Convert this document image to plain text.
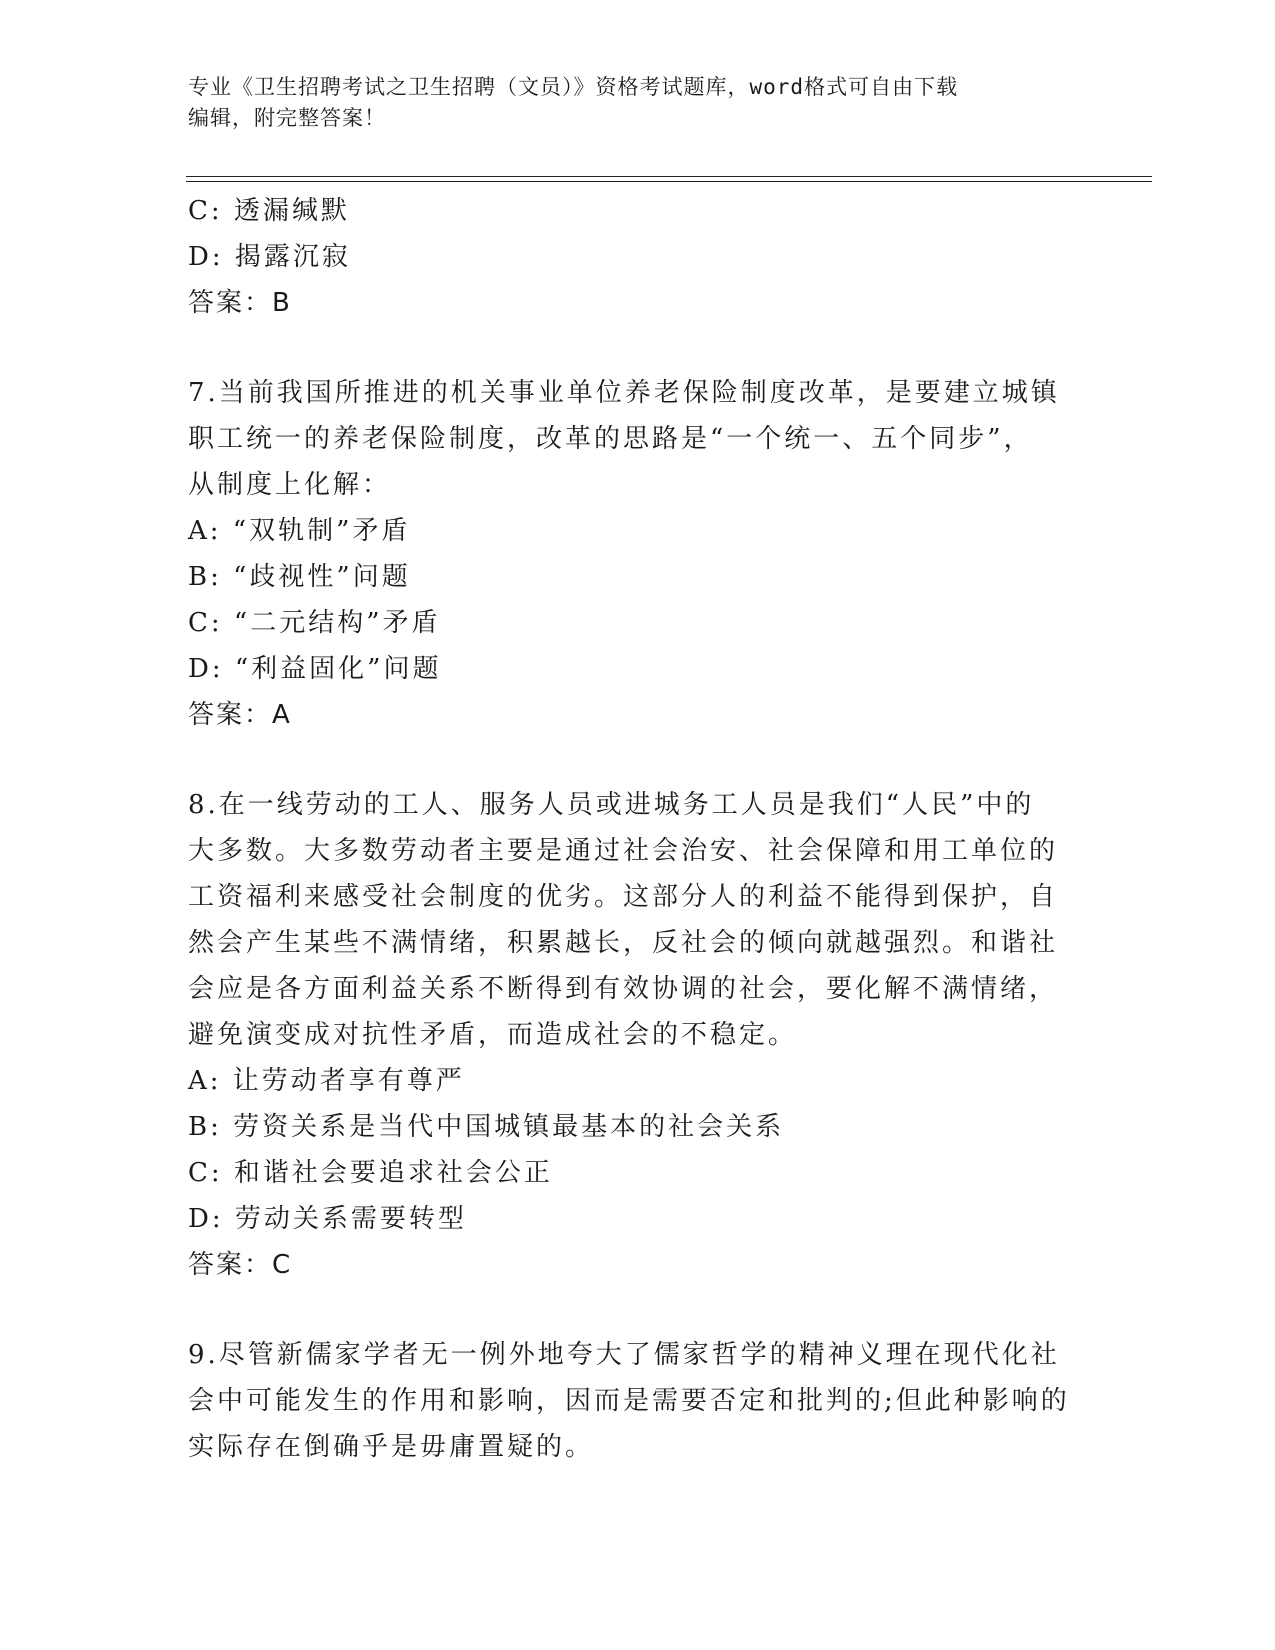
专业《卫生招聘考试之卫生招聘（文员）》资格考试题库，word格式可自由下载
编辑，附完整答案！
C: 透漏缄默
D: 揭露沉寂
答案：B
7.当前我国所推进的机关事业单位养老保险制度改革，是要建立城镇
职工统一的养老保险制度，改革的思路是“一个统一、五个同步”，
从制度上化解：
A: “双轨制”矛盾
B: “歧视性”问题
C: “二元结构”矛盾
D: “利益固化”问题
答案：A
8.在一线劳动的工人、服务人员或进城务工人员是我们“人民”中的
大多数。大多数劳动者主要是通过社会治安、社会保障和用工单位的
工资福利来感受社会制度的优劣。这部分人的利益不能得到保护，自
然会产生某些不满情绪，积累越长，反社会的倾向就越强烈。和谐社
会应是各方面利益关系不断得到有效协调的社会，要化解不满情绪，
避免演变成对抗性矛盾，而造成社会的不稳定。
A: 让劳动者享有尊严
B: 劳资关系是当代中国城镇最基本的社会关系
C: 和谐社会要追求社会公正
D: 劳动关系需要转型
答案：C
9.尽管新儒家学者无一例外地夸大了儒家哲学的精神义理在现代化社
会中可能发生的作用和影响，因而是需要否定和批判的;但此种影响的
实际存在倒确乎是毋庸置疑的。
